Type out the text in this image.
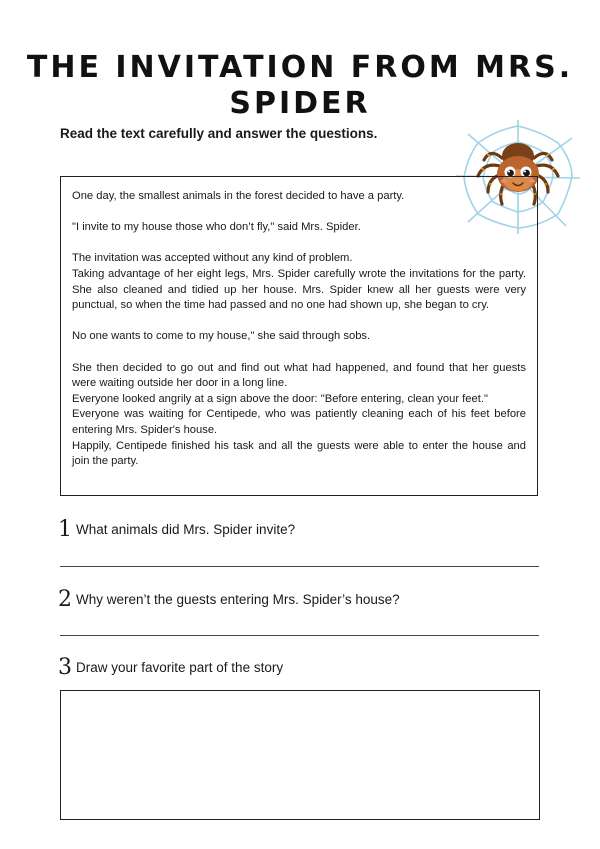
THE INVITATION FROM MRS. SPIDER

Read the text carefully and answer the questions.

One day, the smallest animals in the forest decided to have a party.

"I invite to my house those who don’t fly," said Mrs. Spider.

The invitation was accepted without any kind of problem.

Taking advantage of her eight legs, Mrs. Spider carefully wrote the invitations for the party. She also cleaned and tidied up her house. Mrs. Spider knew all her guests were very punctual, so when the time had passed and no one had shown up, she began to cry.

No one wants to come to my house," she said through sobs.

She then decided to go out and find out what had happened, and found that her guests were waiting outside her door in a long line.

Everyone looked angrily at a sign above the door: "Before entering, clean your feet."

Everyone was waiting for Centipede, who was patiently cleaning each of his feet before entering Mrs. Spider's house.

Happily, Centipede finished his task and all the guests were able to enter the house and join the party.

1 What animals did Mrs. Spider invite?
2 Why weren’t the guests entering Mrs. Spider’s house?
3 Draw your favorite part of the story
